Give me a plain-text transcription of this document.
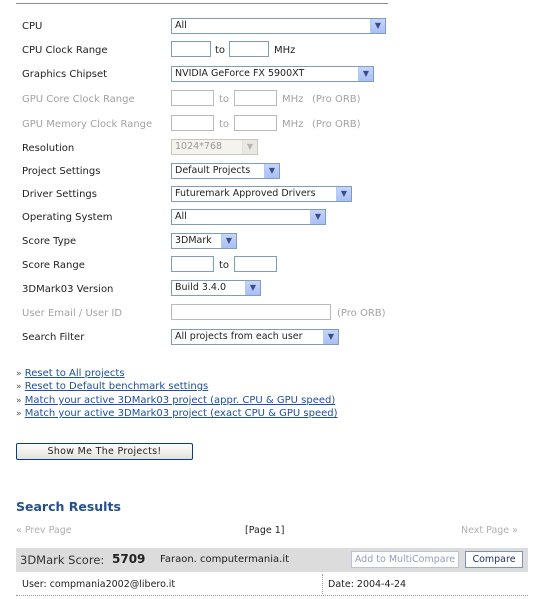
CPU	All	▼
CPU Clock Range	to	MHz
Graphics Chipset	NVIDIA GeForce FX 5900XT	▼
GPU Core Clock Range	to	MHz (Pro ORB)
GPU Memory Clock Range	to	MHz (Pro ORB)
Resolution	1024*768	▼
Project Settings	Default Projects	▼
Driver Settings	Futuremark Approved Drivers	▼
Operating System	All	▼
Score Type	3DMark	▼
Score Range	to
3DMark03 Version	Build 3.4.0	▼
User Email / User ID	(Pro ORB)
Search Filter	All projects from each user	▼
» Reset to All projects
» Reset to Default benchmark settings
» Match your active 3DMark03 project (appr. CPU & GPU speed)
» Match your active 3DMark03 project (exact CPU & GPU speed)
Show Me The Projects!
Search Results
« Prev Page	[Page 1]	Next Page »
3DMark Score: 5709 Faraon. computermania.it	Add to MultiCompare	Compare
User: compmania2002@libero.it	Date: 2004-4-24
